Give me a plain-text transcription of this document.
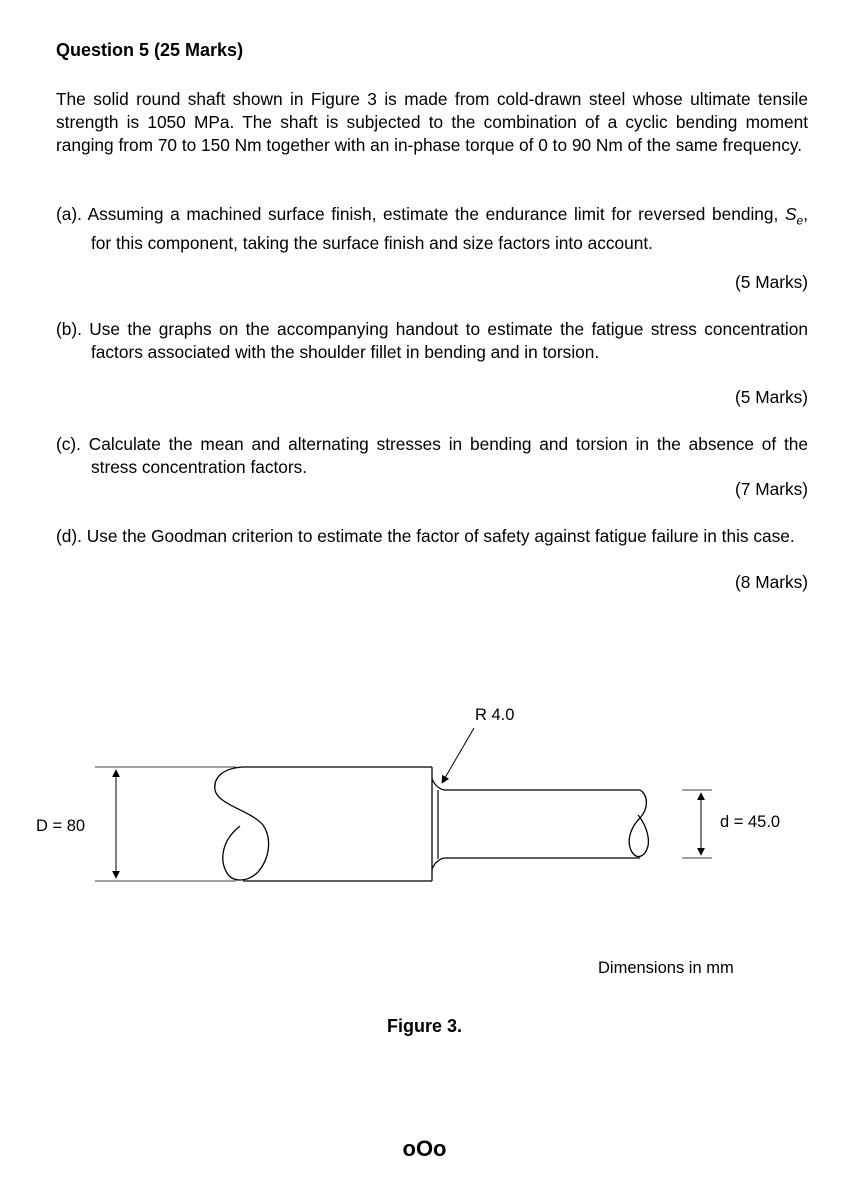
Question 5 (25 Marks)
The solid round shaft shown in Figure 3 is made from cold-drawn steel whose ultimate tensile strength is 1050 MPa. The shaft is subjected to the combination of a cyclic bending moment ranging from 70 to 150 Nm together with an in-phase torque of 0 to 90 Nm of the same frequency.
(a). Assuming a machined surface finish, estimate the endurance limit for reversed bending, $S_e$, for this component, taking the surface finish and size factors into account.
(5 Marks)
(b). Use the graphs on the accompanying handout to estimate the fatigue stress concentration factors associated with the shoulder fillet in bending and in torsion.
(5 Marks)
(c). Calculate the mean and alternating stresses in bending and torsion in the absence of the stress concentration factors.
(7 Marks)
(d). Use the Goodman criterion to estimate the factor of safety against fatigue failure in this case.
(8 Marks)
R 4.0
D = 80	d = 45.0
Dimensions in mm
Figure 3.
oOo
